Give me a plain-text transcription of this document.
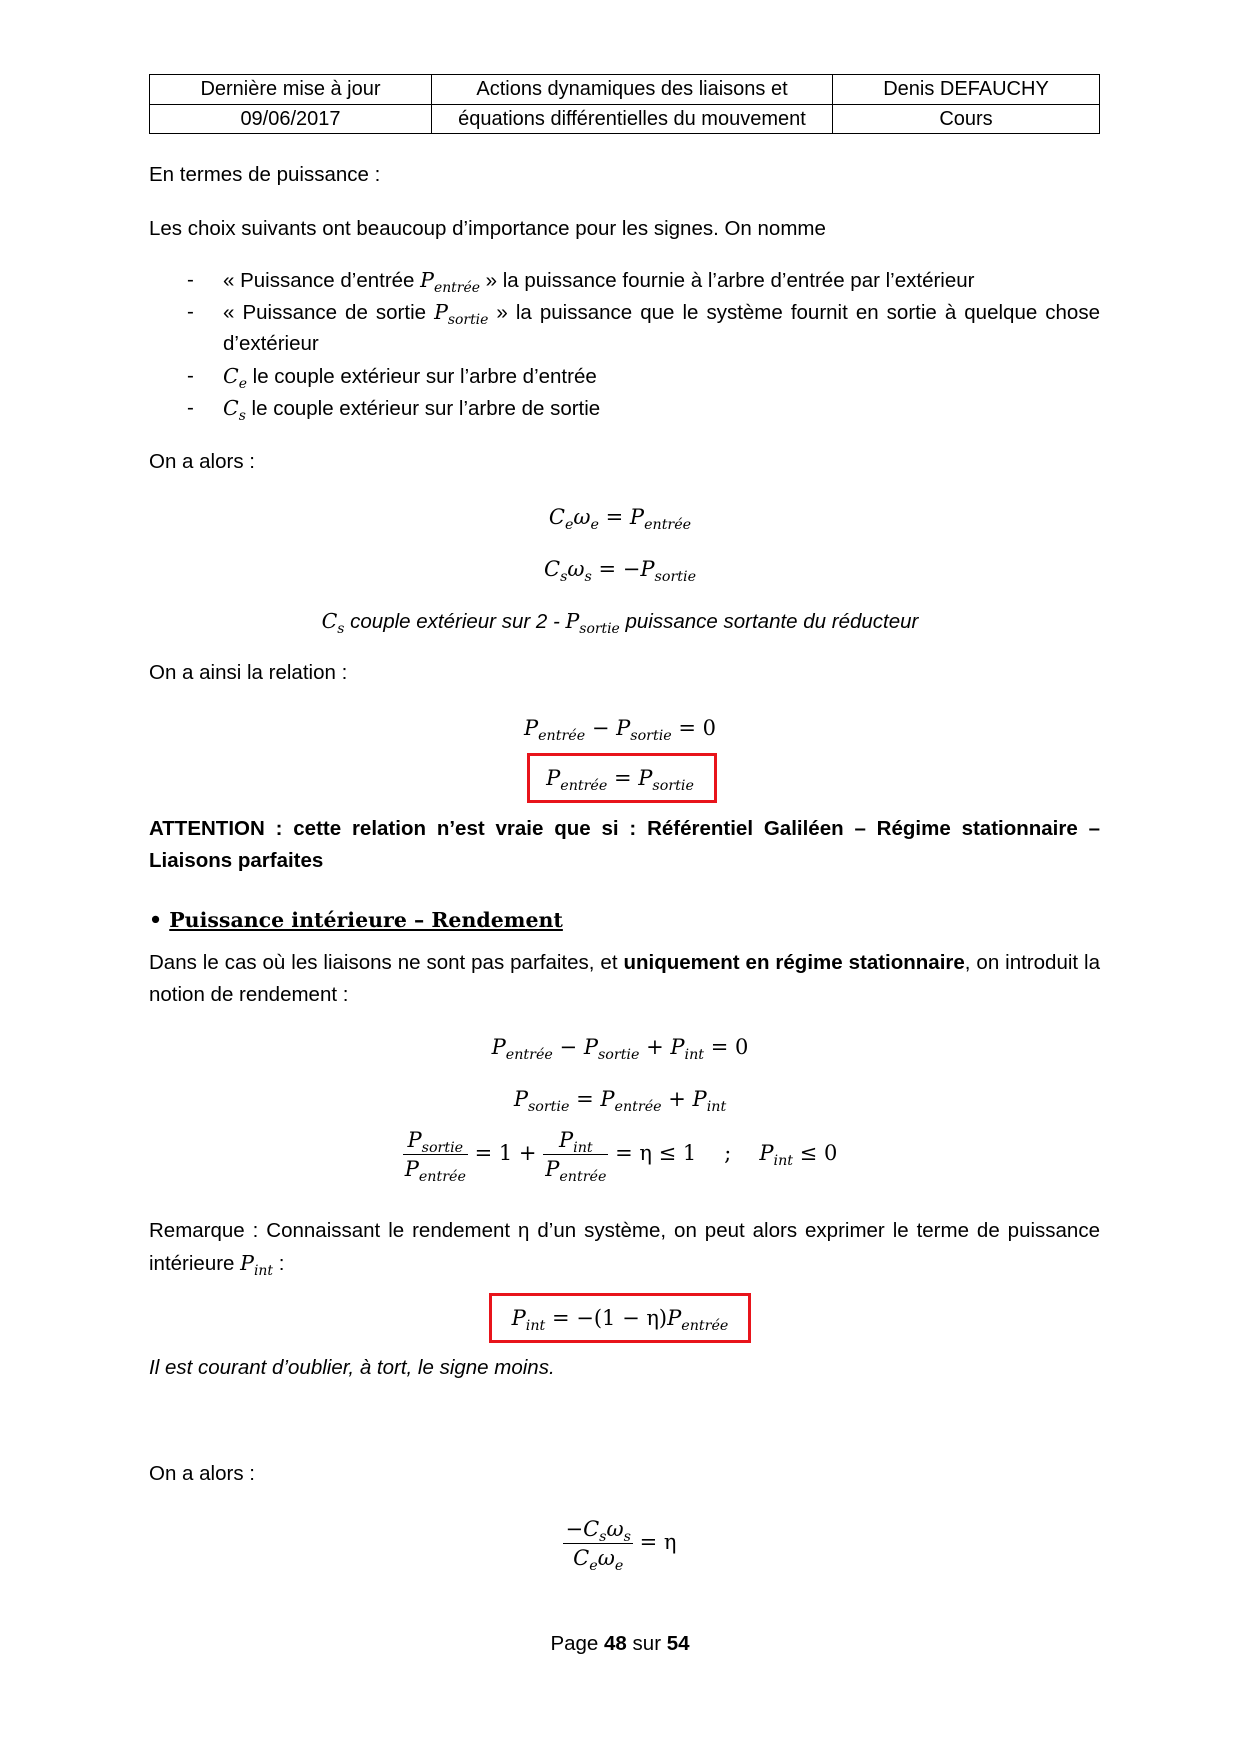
Dernière mise à jour	Actions dynamiques des liaisons et	Denis DEFAUCHY
09/06/2017	équations différentielles du mouvement	Cours

En termes de puissance :

Les choix suivants ont beaucoup d’importance pour les signes. On nomme

- « Puissance d’entrée $P_{entrée}$ » la puissance fournie à l’arbre d’entrée par l’extérieur
- « Puissance de sortie $P_{sortie}$ » la puissance que le système fournit en sortie à quelque chose
d’extérieur
- $C_e$ le couple extérieur sur l’arbre d’entrée
- $C_s$ le couple extérieur sur l’arbre de sortie

On a alors :

$C_e\omega_e = P_{entrée}$
$C_s\omega_s = -P_{sortie}$
$C_s$ couple extérieur sur $2 - P_{sortie}$ puissance sortante du réducteur

On a ainsi la relation :

$P_{entrée} - P_{sortie} = 0$
$P_{entrée} = P_{sortie}$

ATTENTION : cette relation n’est vraie que si : Référentiel Galiléen – Régime stationnaire – Liaisons parfaites

• Puissance intérieure – Rendement

Dans le cas où les liaisons ne sont pas parfaites, et uniquement en régime stationnaire, on introduit la notion de rendement :

$P_{entrée} - P_{sortie} + P_{int} = 0$
$P_{sortie} = P_{entrée} + P_{int}$
$\frac{P_{sortie}}{P_{entrée}} = 1 + \frac{P_{int}}{P_{entrée}} = \eta \le 1$ ; $P_{int} \le 0$

Remarque : Connaissant le rendement η d’un système, on peut alors exprimer le terme de puissance intérieure $P_{int}$ :

$P_{int} = -(1 - \eta)P_{entrée}$

Il est courant d’oublier, à tort, le signe moins.

On a alors :

$\frac{-C_s\omega_s}{C_e\omega_e} = \eta$
Page 48 sur 54
